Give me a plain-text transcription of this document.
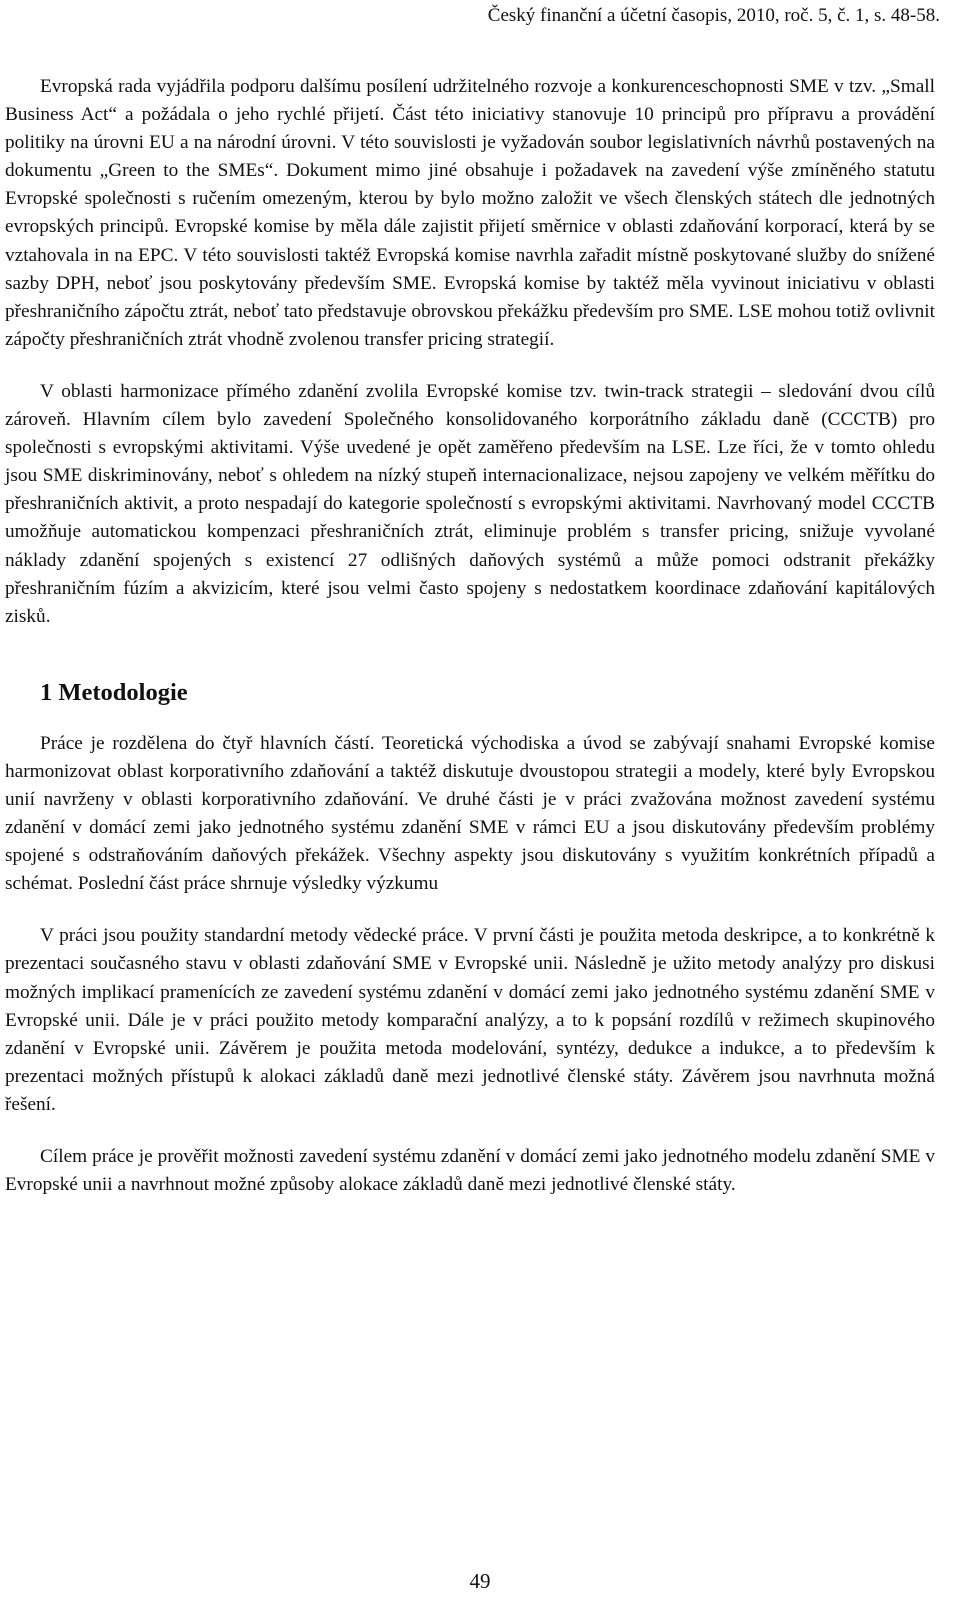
Český finanční a účetní časopis, 2010, roč. 5, č. 1, s. 48-58.

Evropská rada vyjádřila podporu dalšímu posílení udržitelného rozvoje a konkurenceschopnosti SME v tzv. „Small Business Act“ a požádala o jeho rychlé přijetí. Část této iniciativy stanovuje 10 principů pro přípravu a provádění politiky na úrovni EU a na národní úrovni. V této souvislosti je vyžadován soubor legislativních návrhů postavených na dokumentu „Green to the SMEs“. Dokument mimo jiné obsahuje i požadavek na zavedení výše zmíněného statutu Evropské společnosti s ručením omezeným, kterou by bylo možno založit ve všech členských státech dle jednotných evropských principů. Evropské komise by měla dále zajistit přijetí směrnice v oblasti zdaňování korporací, která by se vztahovala in na EPC. V této souvislosti taktéž Evropská komise navrhla zařadit místně poskytované služby do snížené sazby DPH, neboť jsou poskytovány především SME. Evropská komise by taktéž měla vyvinout iniciativu v oblasti přeshraničního zápočtu ztrát, neboť tato představuje obrovskou překážku především pro SME. LSE mohou totiž ovlivnit zápočty přeshraničních ztrát vhodně zvolenou transfer pricing strategií.

V oblasti harmonizace přímého zdanění zvolila Evropské komise tzv. twin-track strategii – sledování dvou cílů zároveň. Hlavním cílem bylo zavedení Společného konsolidovaného korporátního základu daně (CCCTB) pro společnosti s evropskými aktivitami. Výše uvedené je opět zaměřeno především na LSE. Lze říci, že v tomto ohledu jsou SME diskriminovány, neboť s ohledem na nízký stupeň internacionalizace, nejsou zapojeny ve velkém měřítku do přeshraničních aktivit, a proto nespadají do kategorie společností s evropskými aktivitami. Navrhovaný model CCCTB umožňuje automatickou kompenzaci přeshraničních ztrát, eliminuje problém s transfer pricing, snižuje vyvolané náklady zdanění spojených s existencí 27 odlišných daňových systémů a může pomoci odstranit překážky přeshraničním fúzím a akvizicím, které jsou velmi často spojeny s nedostatkem koordinace zdaňování kapitálových zisků.

1 Metodologie

Práce je rozdělena do čtyř hlavních částí. Teoretická východiska a úvod se zabývají snahami Evropské komise harmonizovat oblast korporativního zdaňování a taktéž diskutuje dvoustopou strategii a modely, které byly Evropskou unií navrženy v oblasti korporativního zdaňování. Ve druhé části je v práci zvažována možnost zavedení systému zdanění v domácí zemi jako jednotného systému zdanění SME v rámci EU a jsou diskutovány především problémy spojené s odstraňováním daňových překážek. Všechny aspekty jsou diskutovány s využitím konkrétních případů a schémat. Poslední část práce shrnuje výsledky výzkumu

V práci jsou použity standardní metody vědecké práce. V první části je použita metoda deskripce, a to konkrétně k prezentaci současného stavu v oblasti zdaňování SME v Evropské unii. Následně je užito metody analýzy pro diskusi možných implikací pramenících ze zavedení systému zdanění v domácí zemi jako jednotného systému zdanění SME v Evropské unii. Dále je v práci použito metody komparační analýzy, a to k popsání rozdílů v režimech skupinového zdanění v Evropské unii. Závěrem je použita metoda modelování, syntézy, dedukce a indukce, a to především k prezentaci možných přístupů k alokaci základů daně mezi jednotlivé členské státy. Závěrem jsou navrhnuta možná řešení.

Cílem práce je prověřit možnosti zavedení systému zdanění v domácí zemi jako jednotného modelu zdanění SME v Evropské unii a navrhnout možné způsoby alokace základů daně mezi jednotlivé členské státy.

49
